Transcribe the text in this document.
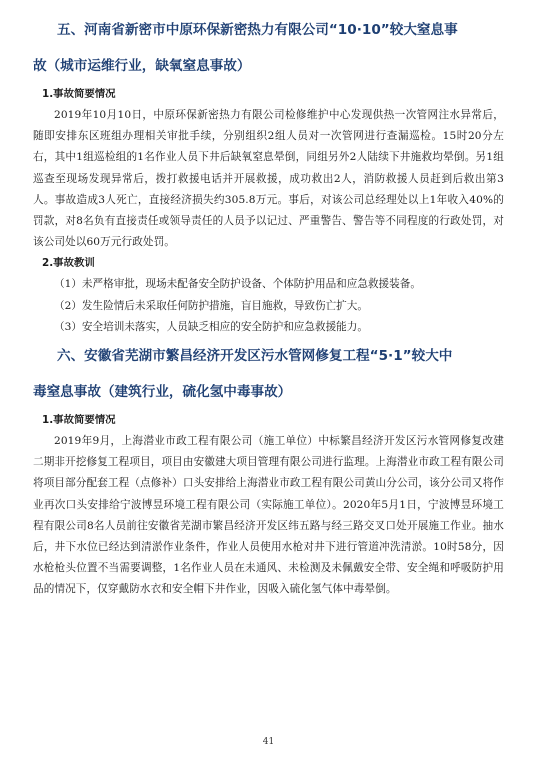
五、河南省新密市中原环保新密热力有限公司“10·10”较大窒息事
故（城市运维行业，缺氧窒息事故）

1.事故简要情况

2019年10月10日，中原环保新密热力有限公司检修维护中心发现供热一次管网注水异常后，随即安排东区班组办理相关审批手续，分别组织2组人员对一次管网进行查漏巡检。15时20分左右，其中1组巡检组的1名作业人员下井后缺氧窒息晕倒，同组另外2人陆续下井施救均晕倒。另1组巡查至现场发现异常后，拨打救援电话并开展救援，成功救出2人，消防救援人员赶到后救出第3人。事故造成3人死亡，直接经济损失约305.8万元。事后，对该公司总经理处以上1年收入40%的罚款，对8名负有直接责任或领导责任的人员予以记过、严重警告、警告等不同程度的行政处罚，对该公司处以60万元行政处罚。

2.事故教训

（1）未严格审批，现场未配备安全防护设备、个体防护用品和应急救援装备。

（2）发生险情后未采取任何防护措施，盲目施救，导致伤亡扩大。

（3）安全培训未落实，人员缺乏相应的安全防护和应急救援能力。

六、安徽省芜湖市繁昌经济开发区污水管网修复工程“5·1”较大中
毒窒息事故（建筑行业，硫化氢中毒事故）

1.事故简要情况

2019年9月，上海潜业市政工程有限公司（施工单位）中标繁昌经济开发区污水管网修复改建二期非开挖修复工程项目，项目由安徽建大项目管理有限公司进行监理。上海潜业市政工程有限公司将项目部分配套工程（点修补）口头安排给上海潜业市政工程有限公司黄山分公司，该分公司又将作业再次口头安排给宁波博昱环境工程有限公司（实际施工单位）。2020年5月1日，宁波博昱环境工程有限公司8名人员前往安徽省芜湖市繁昌经济开发区纬五路与经三路交叉口处开展施工作业。抽水后，井下水位已经达到清淤作业条件，作业人员使用水枪对井下进行管道冲洗清淤。10时58分，因水枪枪头位置不当需要调整，1名作业人员在未通风、未检测及未佩戴安全带、安全绳和呼吸防护用品的情况下，仅穿戴防水衣和安全帽下井作业，因吸入硫化氢气体中毒晕倒。

41
